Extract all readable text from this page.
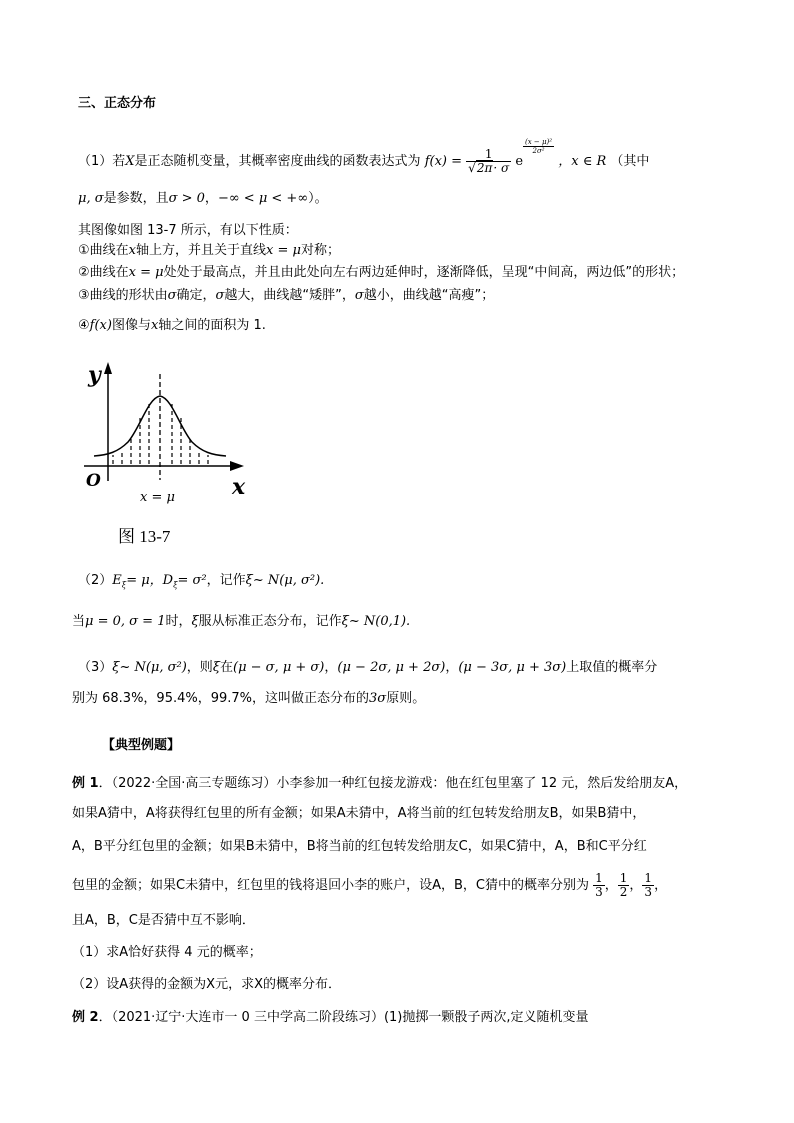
三、正态分布
（1）若X是正态随机变量，其概率密度曲线的函数表达式为 $f(x) = \frac{1}{√2\pi\cdot \sigma}$ e
$\frac{\text{(x − μ)²}}{\text{2σ²}}$
，x ∈ R （其中
μ, σ是参数，且σ > 0，−∞ < μ < +∞）。
其图像如图 13-7 所示，有以下性质：
①曲线在x轴上方，并且关于直线x = μ对称；
②曲线在x = μ处处于最高点，并且由此处向左右两边延伸时，逐渐降低，呈现“中间高，两边低”的形状；
③曲线的形状由σ确定，σ越大，曲线越“矮胖”，σ越小，曲线越“高瘦”；
④f(x)图像与x轴之间的面积为 1.
y
O	x
x = μ
图 13-7
$(2)E_\xi= \mu$，$D_\xi= \sigma^2$，记作ξ~ N(μ, σ²).
当μ = 0, σ = 1时，ξ服从标准正态分布，记作ξ~ N(0,1).
（3）ξ~ N(μ, σ²)，则ξ在(μ − σ, μ + σ)，(μ − 2σ, μ + 2σ)，(μ − 3σ, μ + 3σ)上取值的概率分
别为 68.3%，95.4%，99.7%，这叫做正态分布的3σ原则。
【典型例题】
例 1．（2022·全国·高三专题练习）小李参加一种红包接龙游戏：他在红包里塞了 12 元，然后发给朋友A，
如果A猜中，A将获得红包里的所有金额；如果A未猜中，A将当前的红包转发给朋友B，如果B猜中，
A，B平分红包里的金额；如果B未猜中，B将当前的红包转发给朋友C，如果C猜中，A，B和C平分红
包里的金额；如果C未猜中，红包里的钱将退回小李的账户，设A，B，C猜中的概率分别为 $\frac{1}{3}$ ， $\frac{1}{2}$ ， $\frac{1}{3}$ ，
且A，B，C是否猜中互不影响．
（1）求A恰好获得 4 元的概率；
（2）设A获得的金额为X元，求X的概率分布．
例 2．（2021·辽宁·大连市一 0 三中学高二阶段练习）(1)抛掷一颗骰子两次,定义随机变量
